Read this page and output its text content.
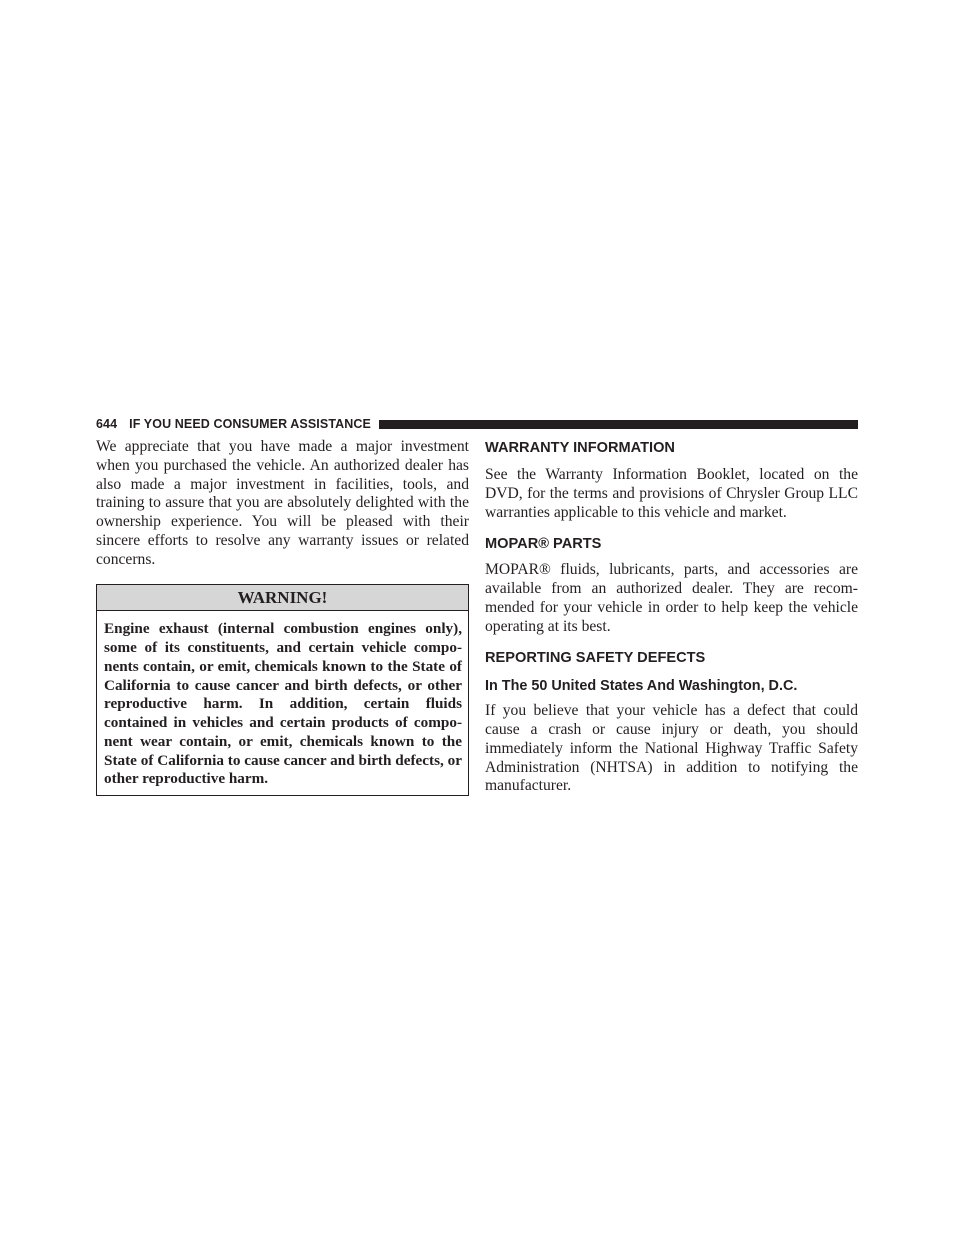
644 IF YOU NEED CONSUMER ASSISTANCE

We appreciate that you have made a major investment when you purchased the vehicle. An authorized dealer has also made a major investment in facilities, tools, and training to assure that you are absolutely delighted with the ownership experience. You will be pleased with their sincere efforts to resolve any warranty issues or related concerns.

WARNING!

Engine exhaust (internal combustion engines only), some of its constituents, and certain vehicle components contain, or emit, chemicals known to the State of California to cause cancer and birth defects, or other reproductive harm. In addition, certain fluids contained in vehicles and certain products of component wear contain, or emit, chemicals known to the State of California to cause cancer and birth defects, or other reproductive harm.

WARRANTY INFORMATION

See the Warranty Information Booklet, located on the DVD, for the terms and provisions of Chrysler Group LLC warranties applicable to this vehicle and market.

MOPAR® PARTS

MOPAR® fluids, lubricants, parts, and accessories are available from an authorized dealer. They are recommended for your vehicle in order to help keep the vehicle operating at its best.

REPORTING SAFETY DEFECTS
In The 50 United States And Washington, D.C.

If you believe that your vehicle has a defect that could cause a crash or cause injury or death, you should immediately inform the National Highway Traffic Safety Administration (NHTSA) in addition to notifying the manufacturer.
